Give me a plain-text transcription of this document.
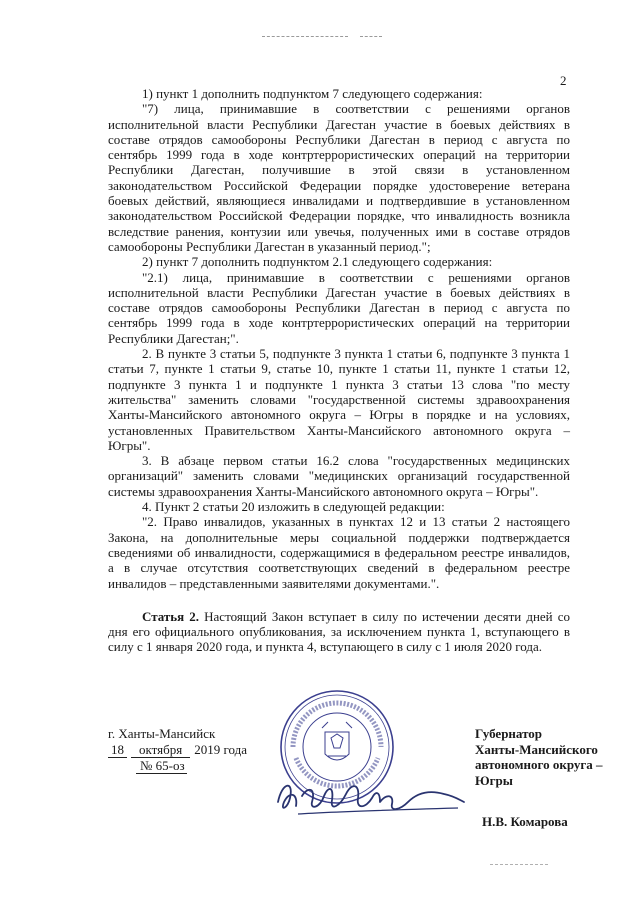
2

1) пункт 1 дополнить подпунктом 7 следующего содержания:

"7) лица, принимавшие в соответствии с решениями органов исполнительной власти Республики Дагестан участие в боевых действиях в составе отрядов самообороны Республики Дагестан в период с августа по сентябрь 1999 года в ходе контртеррористических операций на территории Республики Дагестан, получившие в этой связи в установленном законодательством Российской Федерации порядке удостоверение ветерана боевых действий, являющиеся инвалидами и подтвердившие в установленном законодательством Российской Федерации порядке, что инвалидность возникла вследствие ранения, контузии или увечья, полученных ими в составе отрядов самообороны Республики Дагестан в указанный период.";

2) пункт 7 дополнить подпунктом 2.1 следующего содержания:

"2.1) лица, принимавшие в соответствии с решениями органов исполнительной власти Республики Дагестан участие в боевых действиях в составе отрядов самообороны Республики Дагестан в период с августа по сентябрь 1999 года в ходе контртеррористических операций на территории Республики Дагестан;".

2. В пункте 3 статьи 5, подпункте 3 пункта 1 статьи 6, подпункте 3 пункта 1 статьи 7, пункте 1 статьи 9, статье 10, пункте 1 статьи 11, пункте 1 статьи 12, подпункте 3 пункта 1 и подпункте 1 пункта 3 статьи 13 слова "по месту жительства" заменить словами "государственной системы здравоохранения Ханты-Мансийского автономного округа – Югры в порядке и на условиях, установленных Правительством Ханты-Мансийского автономного округа – Югры".

3. В абзаце первом статьи 16.2 слова "государственных медицинских организаций" заменить словами "медицинских организаций государственной системы здравоохранения Ханты-Мансийского автономного округа – Югры".

4. Пункт 2 статьи 20 изложить в следующей редакции:

"2. Право инвалидов, указанных в пунктах 12 и 13 статьи 2 настоящего Закона, на дополнительные меры социальной поддержки подтверждается сведениями об инвалидности, содержащимися в федеральном реестре инвалидов, а в случае отсутствия соответствующих сведений в федеральном реестре инвалидов – представленными заявителями документами.".

Статья 2. Настоящий Закон вступает в силу по истечении десяти дней со дня его официального опубликования, за исключением пункта 1, вступающего в силу с 1 января 2020 года, и пункта 4, вступающего в силу с 1 июля 2020 года.

г. Ханты-Мансийск
18	октября 2019 года
№ 65-оз
Губернатор
Ханты-Мансийского
автономного округа – Югры
Н.В. Комарова
